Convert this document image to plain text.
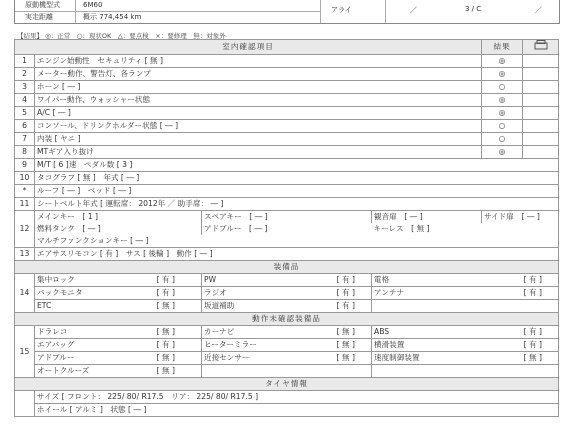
原動機型式	6M60
実走距離	概⽰ 774,454 km
アライ	／	3 / C	／
【結果】 ◎：正常　○：現状OK　△：要点検　×：要修理　無：対象外
室内確認項目				結果	
1	エンジン始動性　セキュリティ [ 無 ]			◎	
2	メーター動作、警告灯、各ランプ			◎	
3	ホーン [ ― ]			○	
4	ワイパー動作、ウォッシャー状態			◎	
5	A/C [ ― ]			◎	
6	コンソール、ドリンクホルダー状態 [ ― ]			○	
7	内装 [ ヤニ ]			○	
8	MTギア入り抜け			◎	
9	M/T [ 6 ]速　ペダル数 [ 3 ]				
10	タコグラフ [ 無 ]　年式 [ ― ]				
*	ルーフ [ ― ]　ベッド [ ― ]				
11	シートベルト年式 [ 運転席： 2012年 ／ 助手席： ― ]				
12	メインキー　[ 1 ]	スペアキー　[ ― ]	観音扉　[ ― ]	サイド扉　[ ― ]	
	燃料タンク　[ ― ]	アドブルー　[ ― ]	キーレス　[ 無 ]		
	マルチファンクションキー [ ― ]				
13	エアサスリモコン [ 有 ]　サス [ 後輪 ]　動作 [ ― ]				
装備品					
14	集中ロック [ 有 ]	PW [ 有 ]	電格 [ 有 ]		

	バックモニタ [ 有 ]	ラジオ [ 有 ]	アンテナ [ 有 ]		

	ETC [ 無 ]	坂道補助 [ 有 ]			

動作未確認装備品					
15	ドラレコ [ 無 ]	カーナビ [ 無 ]	ABS [ 有 ]		

	エアバッグ [ 有 ]	ヒーターミラー [ 無 ]	横滑装置 [ 有 ]		

	アドブルー [ 無 ]	近接センサー [ 無 ]	速度制御装置 [ 無 ]		

	オートクルーズ [ 無 ]				

タイヤ情報					
	サイズ [ フロント： 225/ 80/ R17.5　リア： 225/ 80/ R17.5 ]				
	ホイール [ アルミ ]　状態 [ ― ]				
